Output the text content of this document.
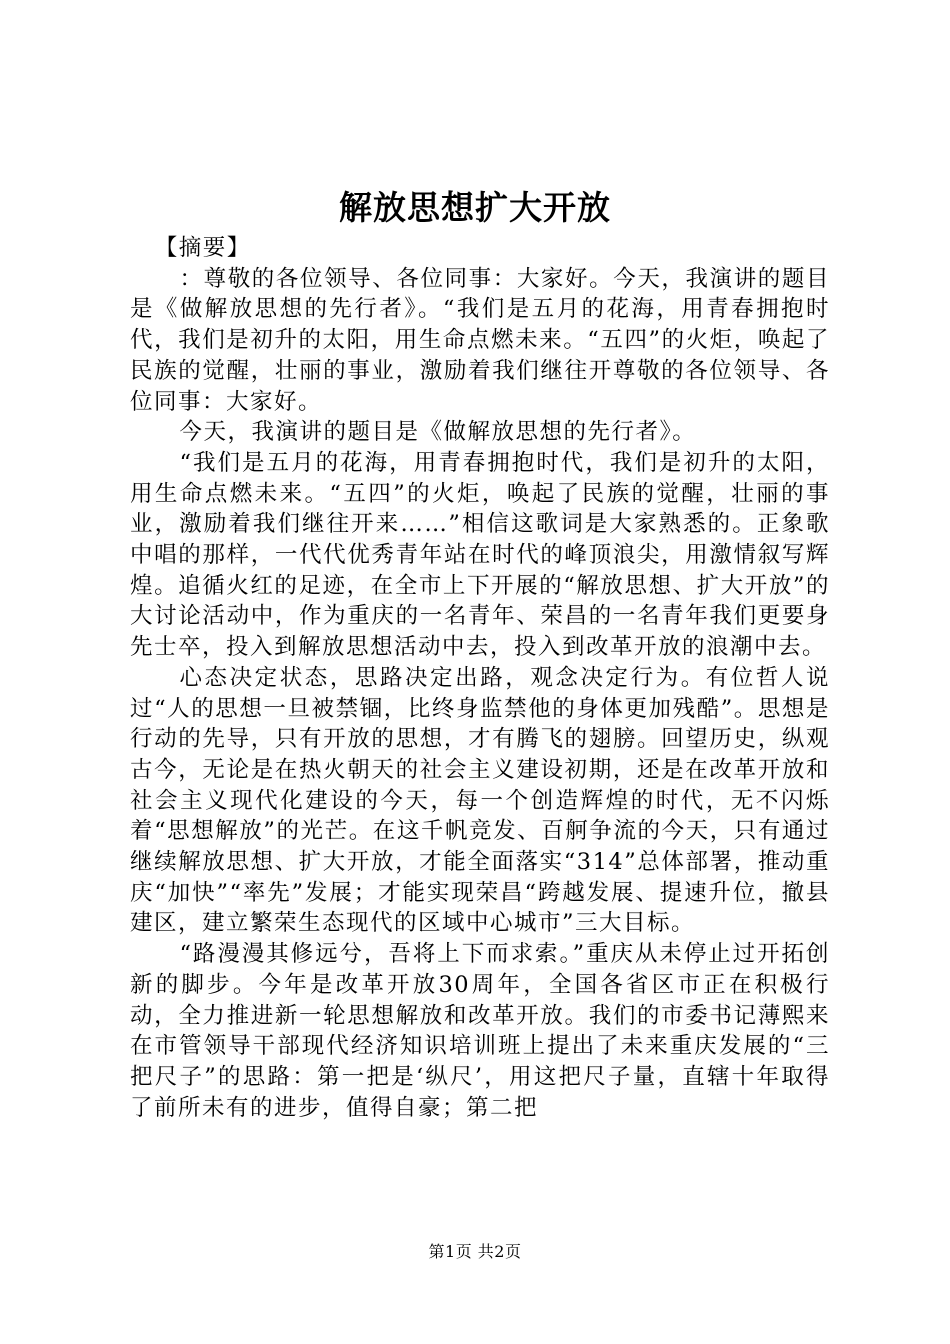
解放思想扩大开放

【摘要】

：尊敬的各位领导、各位同事：大家好。今天，我演讲的题目是《做解放思想的先行者》。“我们是五月的花海，用青春拥抱时代，我们是初升的太阳，用生命点燃未来。“五四”的火炬，唤起了民族的觉醒，壮丽的事业，激励着我们继往开尊敬的各位领导、各位同事：大家好。

今天，我演讲的题目是《做解放思想的先行者》。

“我们是五月的花海，用青春拥抱时代，我们是初升的太阳，用生命点燃未来。“五四”的火炬，唤起了民族的觉醒，壮丽的事业，激励着我们继往开来……”相信这歌词是大家熟悉的。正象歌中唱的那样，一代代优秀青年站在时代的峰顶浪尖，用激情叙写辉煌。追循火红的足迹，在全市上下开展的“解放思想、扩大开放”的大讨论活动中，作为重庆的一名青年、荣昌的一名青年我们更要身先士卒，投入到解放思想活动中去，投入到改革开放的浪潮中去。

心态决定状态，思路决定出路，观念决定行为。有位哲人说过“人的思想一旦被禁锢，比终身监禁他的身体更加残酷”。思想是行动的先导，只有开放的思想，才有腾飞的翅膀。回望历史，纵观古今，无论是在热火朝天的社会主义建设初期，还是在改革开放和社会主义现代化建设的今天，每一个创造辉煌的时代，无不闪烁着“思想解放”的光芒。在这千帆竞发、百舸争流的今天，只有通过继续解放思想、扩大开放，才能全面落实“314”总体部署，推动重庆“加快”“率先”发展；才能实现荣昌“跨越发展、提速升位，撤县建区，建立繁荣生态现代的区域中心城市”三大目标。

“路漫漫其修远兮，吾将上下而求索。”重庆从未停止过开拓创新的脚步。今年是改革开放30周年，全国各省区市正在积极行动，全力推进新一轮思想解放和改革开放。我们的市委书记薄熙来在市管领导干部现代经济知识培训班上提出了未来重庆发展的“三把尺子”的思路：第一把是‘纵尺’，用这把尺子量，直辖十年取得了前所未有的进步，值得自豪；第二把

第1页 共2页
